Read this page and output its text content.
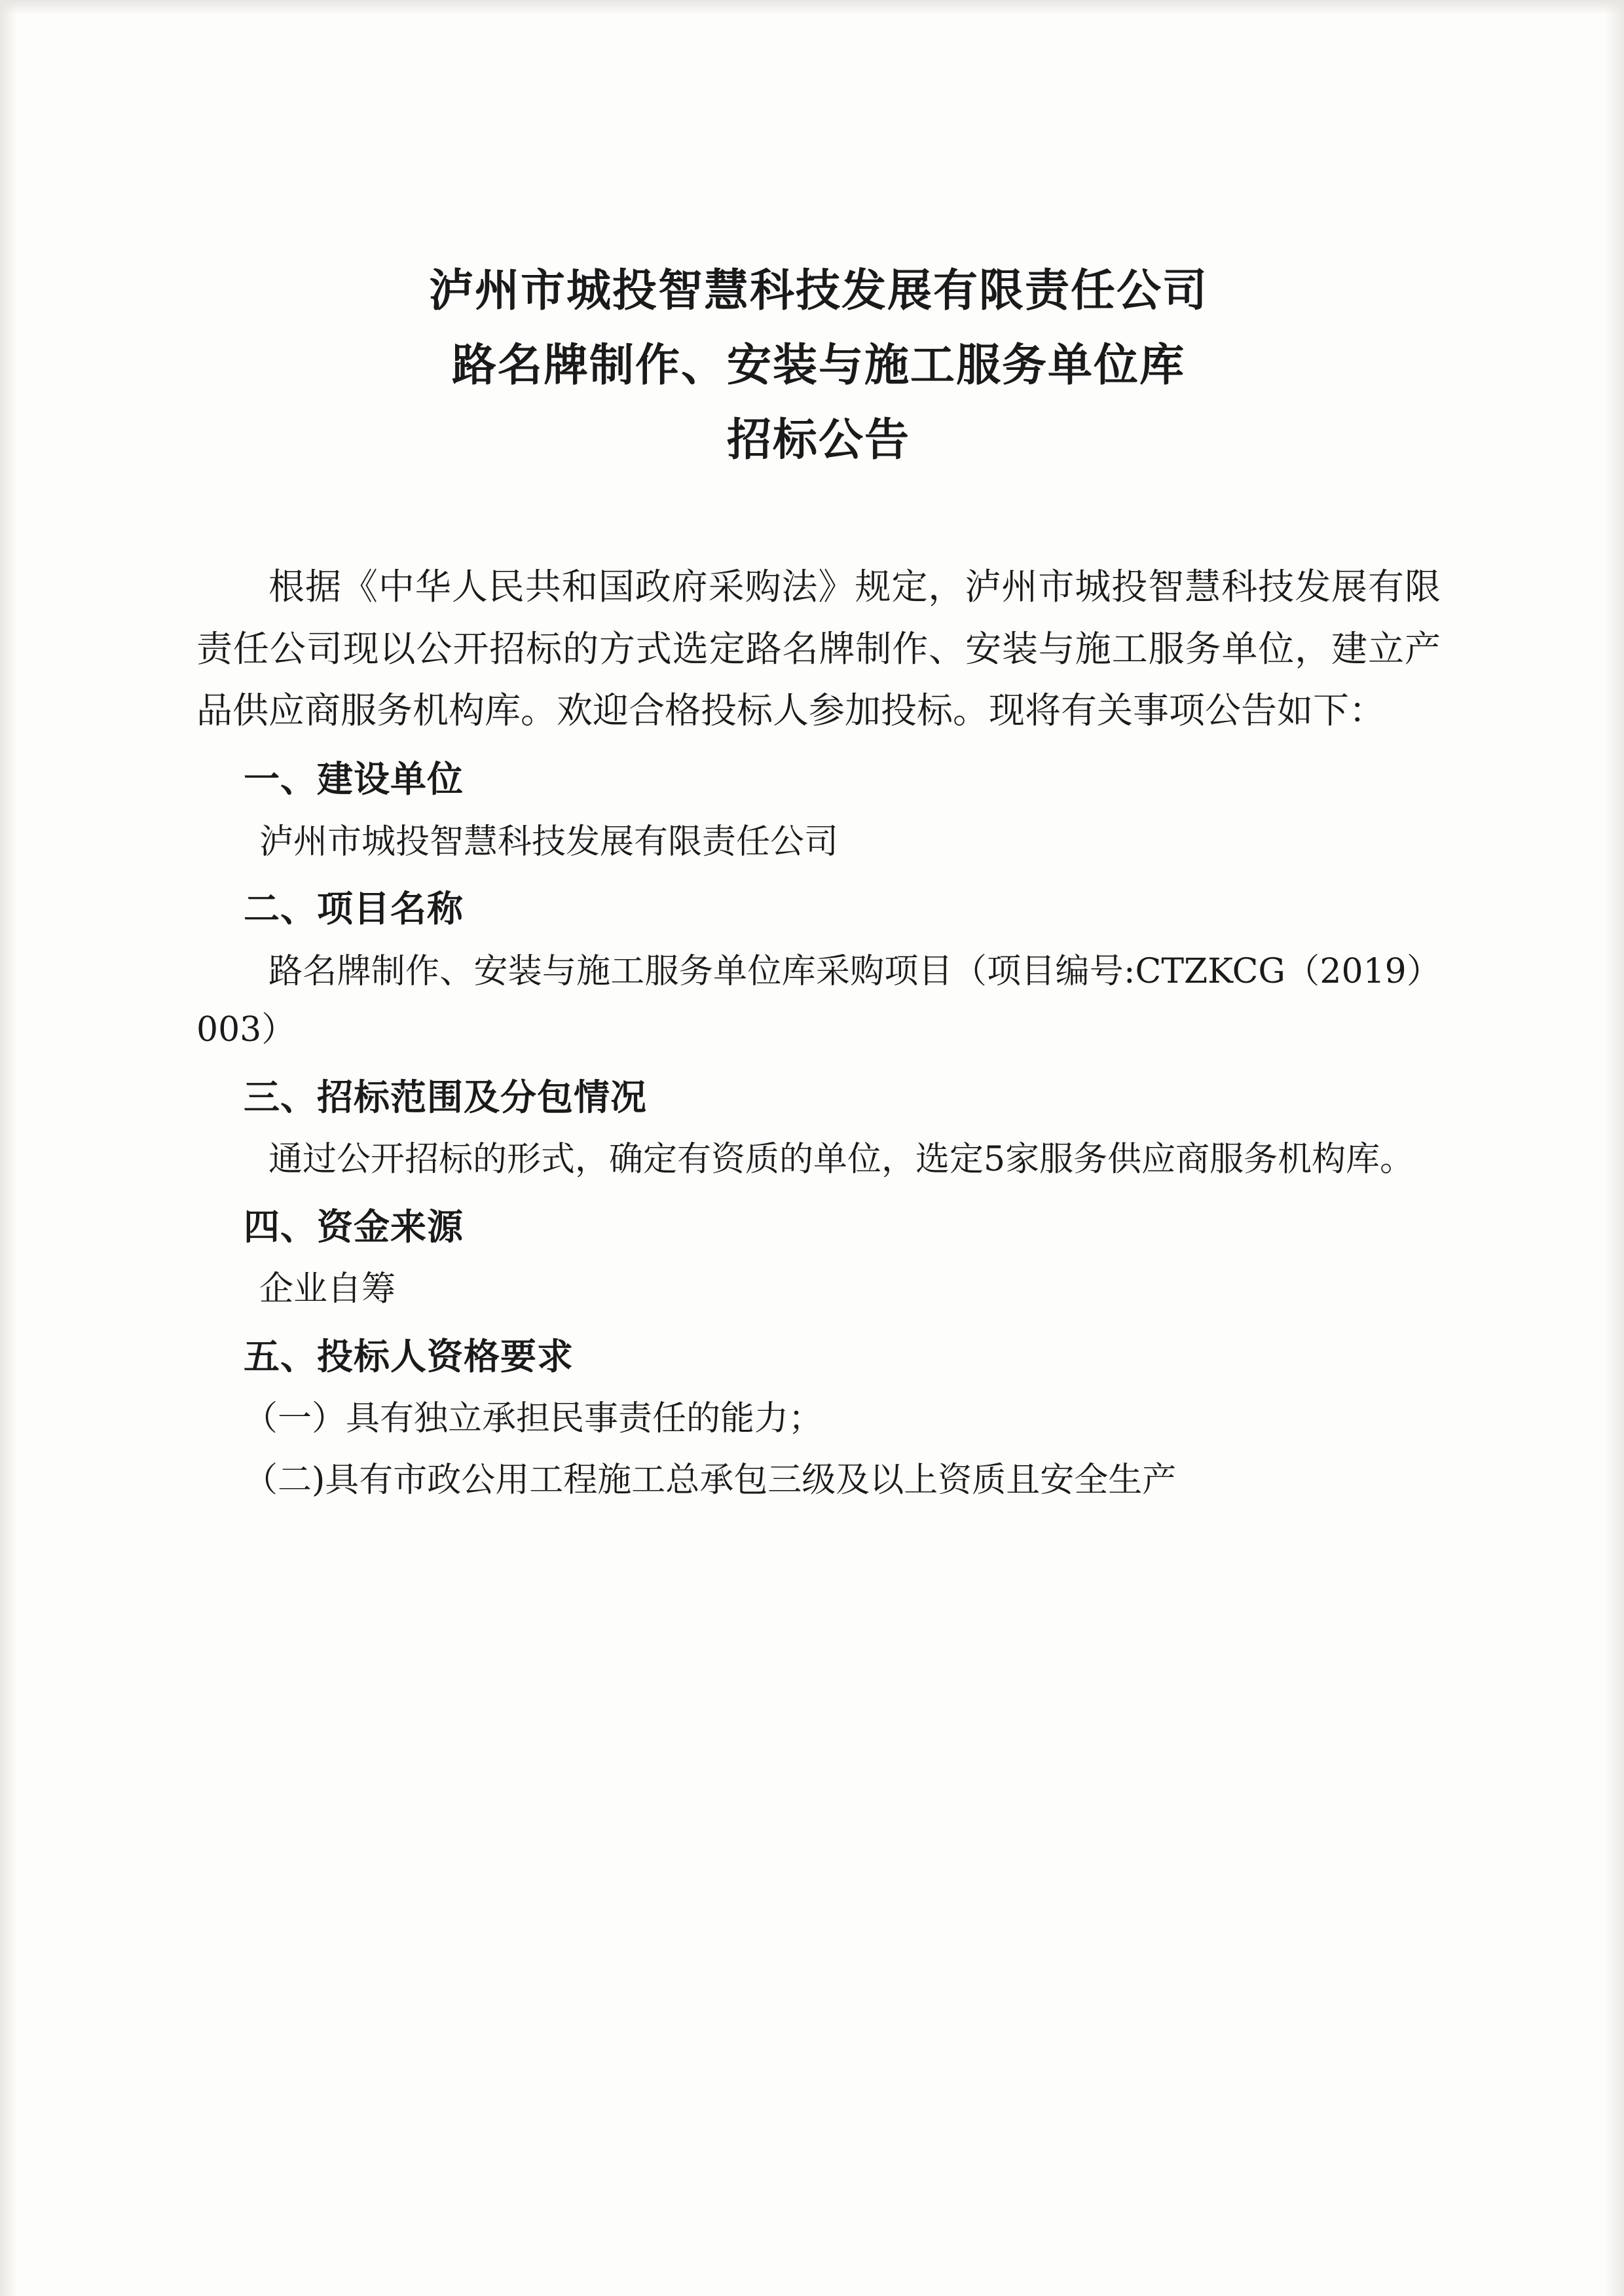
泸州市城投智慧科技发展有限责任公司
路名牌制作、安装与施工服务单位库
招标公告

根据《中华人民共和国政府采购法》规定，泸州市城投智慧科技发展有限责任公司现以公开招标的方式选定路名牌制作、安装与施工服务单位，建立产品供应商服务机构库。欢迎合格投标人参加投标。现将有关事项公告如下：

一、建设单位

泸州市城投智慧科技发展有限责任公司

二、项目名称

路名牌制作、安装与施工服务单位库采购项目（项目编号:CTZKCG（2019）003）

三、招标范围及分包情况

通过公开招标的形式，确定有资质的单位，选定5家服务供应商服务机构库。

四、资金来源

企业自筹

五、投标人资格要求

（一）具有独立承担民事责任的能力；

（二)具有市政公用工程施工总承包三级及以上资质且安全生产
